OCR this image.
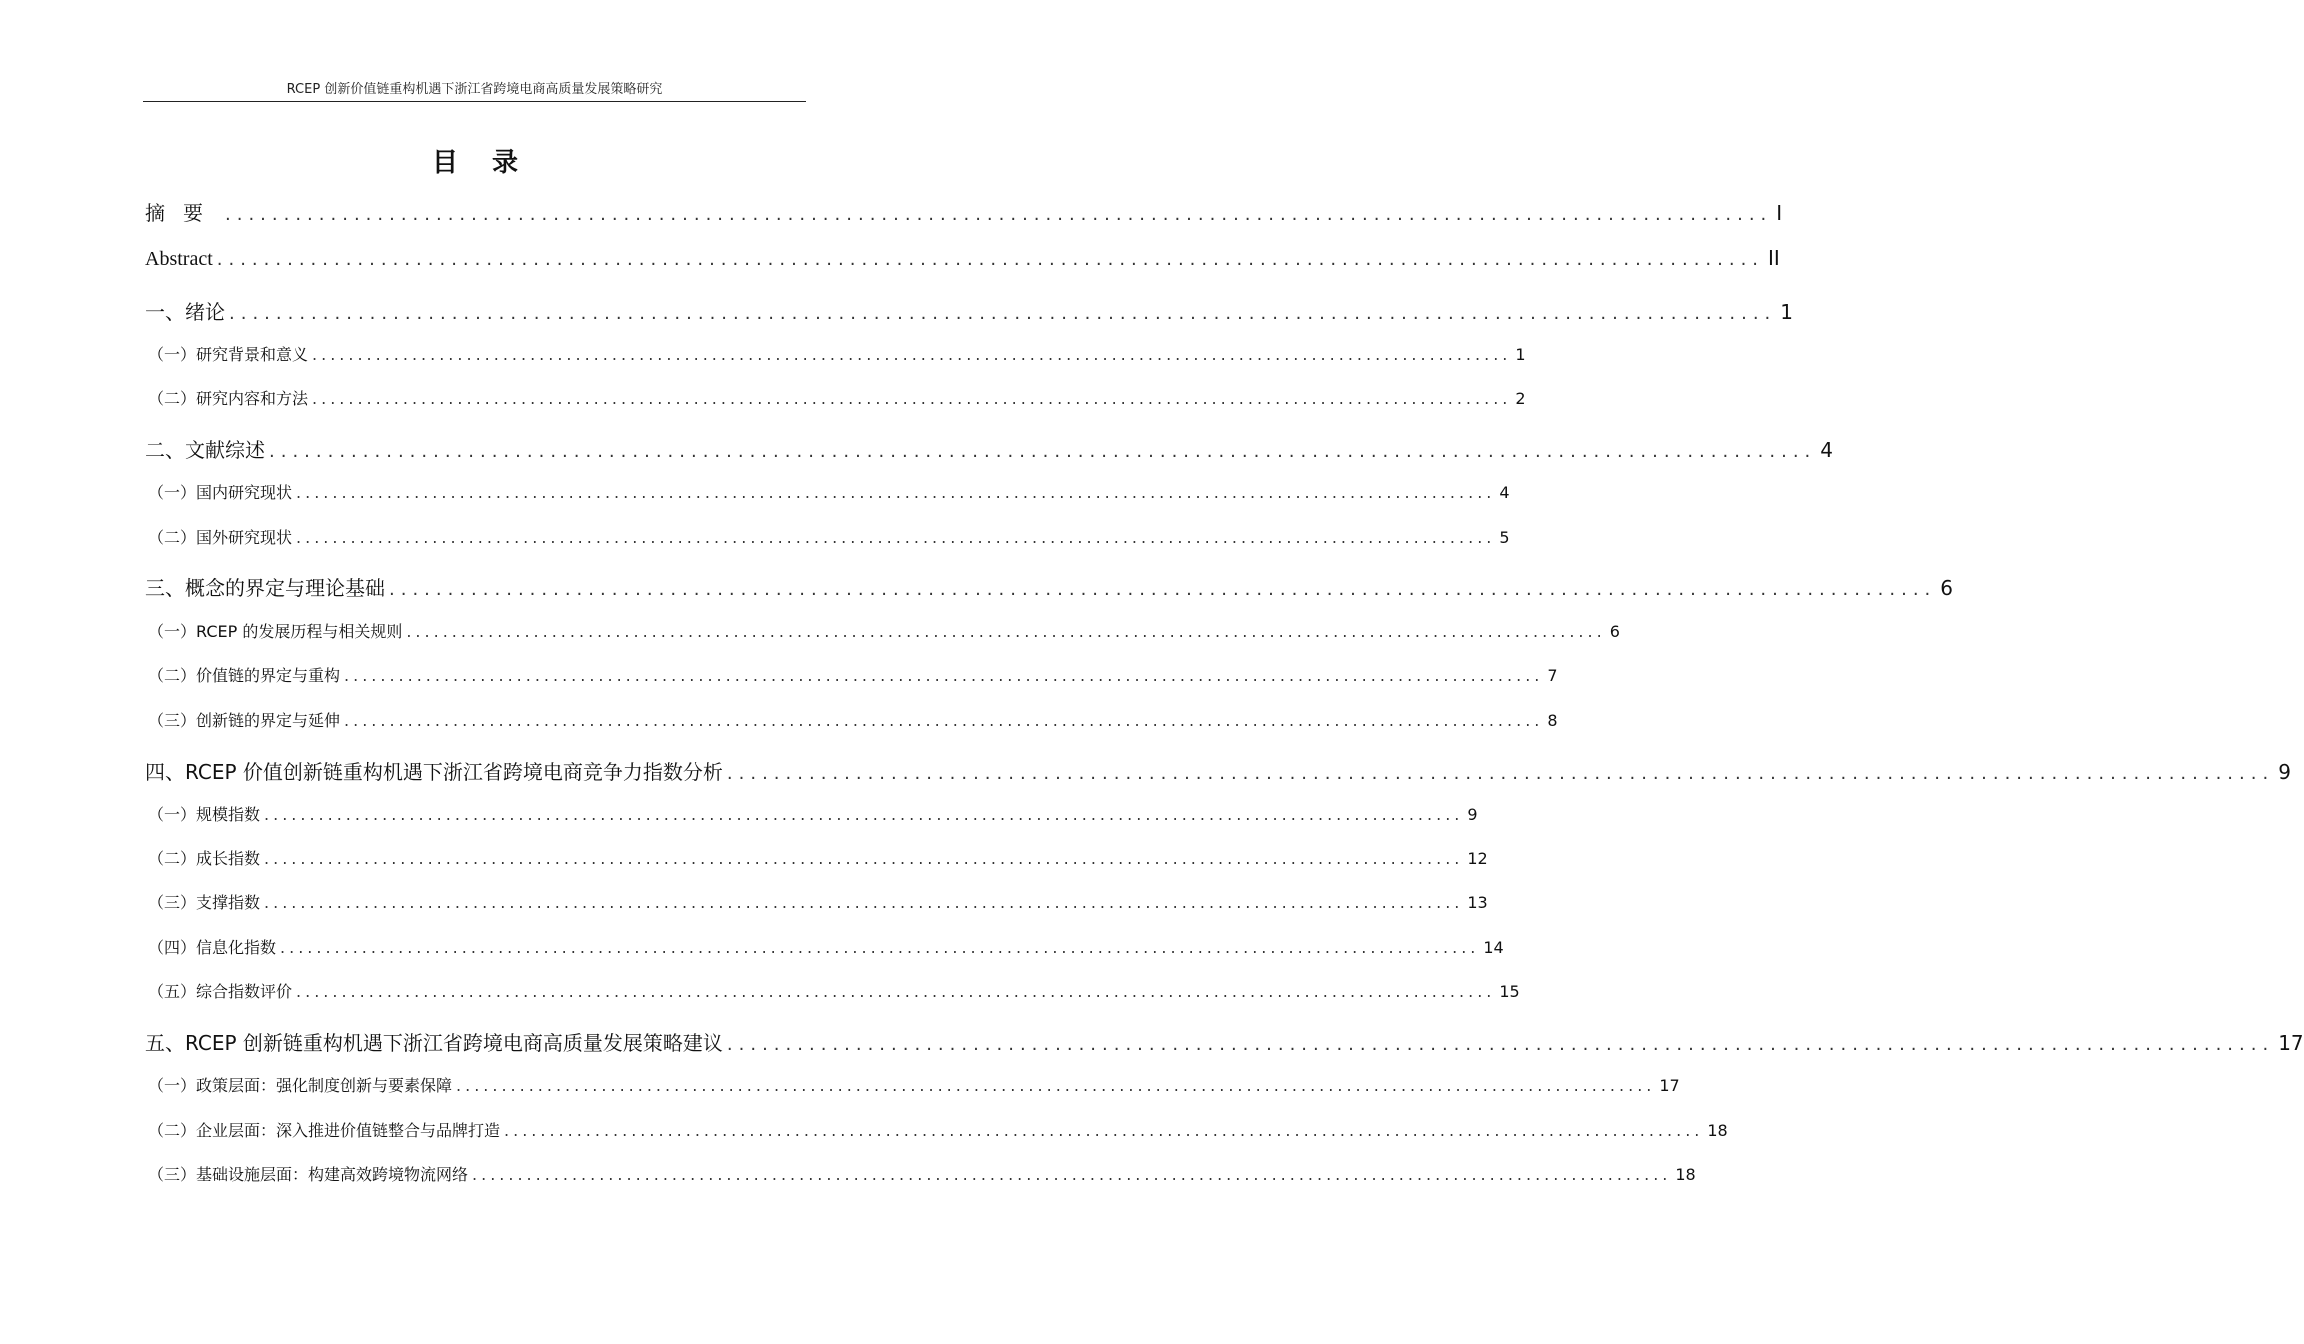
RCEP 创新价值链重构机遇下浙江省跨境电商高质量发展策略研究
目录
摘要 .................................................................................................................................... I
Abstract .................................................................................................................................... II
一、绪论 .................................................................................................................................... 1
（一）研究背景和意义 .................................................................................................................................... 1
（二）研究内容和方法 .................................................................................................................................... 2
二、文献综述 .................................................................................................................................... 4
（一）国内研究现状 .................................................................................................................................... 4
（二）国外研究现状 .................................................................................................................................... 5
三、概念的界定与理论基础 .................................................................................................................................... 6
（一）RCEP 的发展历程与相关规则 .................................................................................................................................... 6
（二）价值链的界定与重构 .................................................................................................................................... 7
（三）创新链的界定与延伸 .................................................................................................................................... 8
四、RCEP 价值创新链重构机遇下浙江省跨境电商竞争力指数分析 .................................................................................................................................... 9
（一）规模指数 .................................................................................................................................... 9
（二）成长指数 .................................................................................................................................... 12
（三）支撑指数 .................................................................................................................................... 13
（四）信息化指数 .................................................................................................................................... 14
（五）综合指数评价 .................................................................................................................................... 15
五、RCEP 创新链重构机遇下浙江省跨境电商高质量发展策略建议 .................................................................................................................................... 17
（一）政策层面：强化制度创新与要素保障 .................................................................................................................................... 17
（二）企业层面：深入推进价值链整合与品牌打造 .................................................................................................................................... 18
（三）基础设施层面：构建高效跨境物流网络 .................................................................................................................................... 18
